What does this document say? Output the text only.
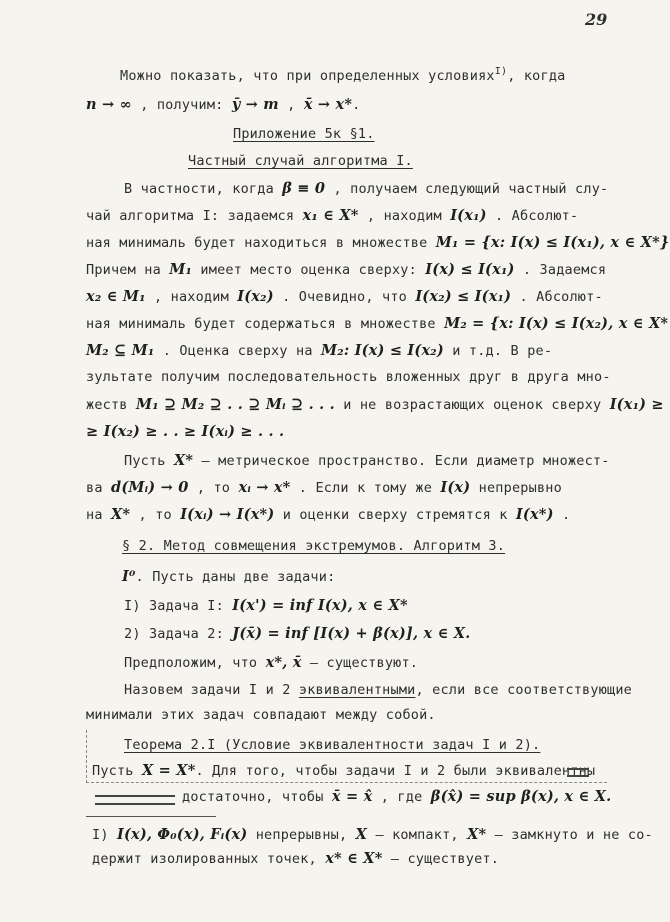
29
Можно показать, что при определенных условиях$^{I)}$, когда
n → ∞ , получим: ȳ → m , x̄ → x*.
Приложение 5к §1.
Частный случай алгоритма I.
В частности, когда β ≡ 0 , получаем следующий частный слу-
чай алгоритма I: задаемся x₁ ∈ X* , находим I(x₁) . Абсолют-
ная минималь будет находиться в множестве M₁ = {x: I(x) ≤ I(x₁), x ∈ X*}
Причем на M₁ имеет место оценка сверху: I(x) ≤ I(x₁) . Задаемся
x₂ ∈ M₁ , находим I(x₂) . Очевидно, что I(x₂) ≤ I(x₁) . Абсолют-
ная минималь будет содержаться в множестве M₂ = {x: I(x) ≤ I(x₂), x ∈ X*
M₂ ⊆ M₁ . Оценка сверху на M₂: I(x) ≤ I(x₂) и т.д. В ре-
зультате получим последовательность вложенных друг в друга мно-
жеств M₁ ⊇ M₂ ⊇ . . ⊇ Mᵢ ⊇ . . . и не возрастающих оценок сверху I(x₁) ≥
≥ I(x₂) ≥ . . ≥ I(xᵢ) ≥ . . .
Пусть X* – метрическое пространство. Если диаметр множест-
ва d(Mᵢ) → 0 , то xᵢ → x* . Если к тому же I(x) непрерывно
на X* , то I(xᵢ) → I(x*) и оценки сверху стремятся к I(x*) .
§ 2. Метод совмещения экстремумов. Алгоритм 3.
I⁰. Пусть даны две задачи:
I) Задача I: I(x') = inf I(x), x ∈ X*
2) Задача 2: J(x̄) = inf [I(x) + β(x)], x ∈ X.
Предположим, что x*, x̄ – существуют.
Назовем задачи I и 2 эквивалентными, если все соответствующие
минимали этих задач совпадают между собой.
Теорема 2.I (Условие эквивалентности задач I и 2).
Пусть X = X*. Для того, чтобы задачи I и 2 были эквивалентны
достаточно, чтобы x̄ = x̂ , где β(x̂) = sup β(x), x ∈ X.
I) I(x), Φ₀(x), Fᵢ(x) непрерывны, X – компакт, X* – замкнуто и не со-
держит изолированных точек, x* ∈ X* – существует.
